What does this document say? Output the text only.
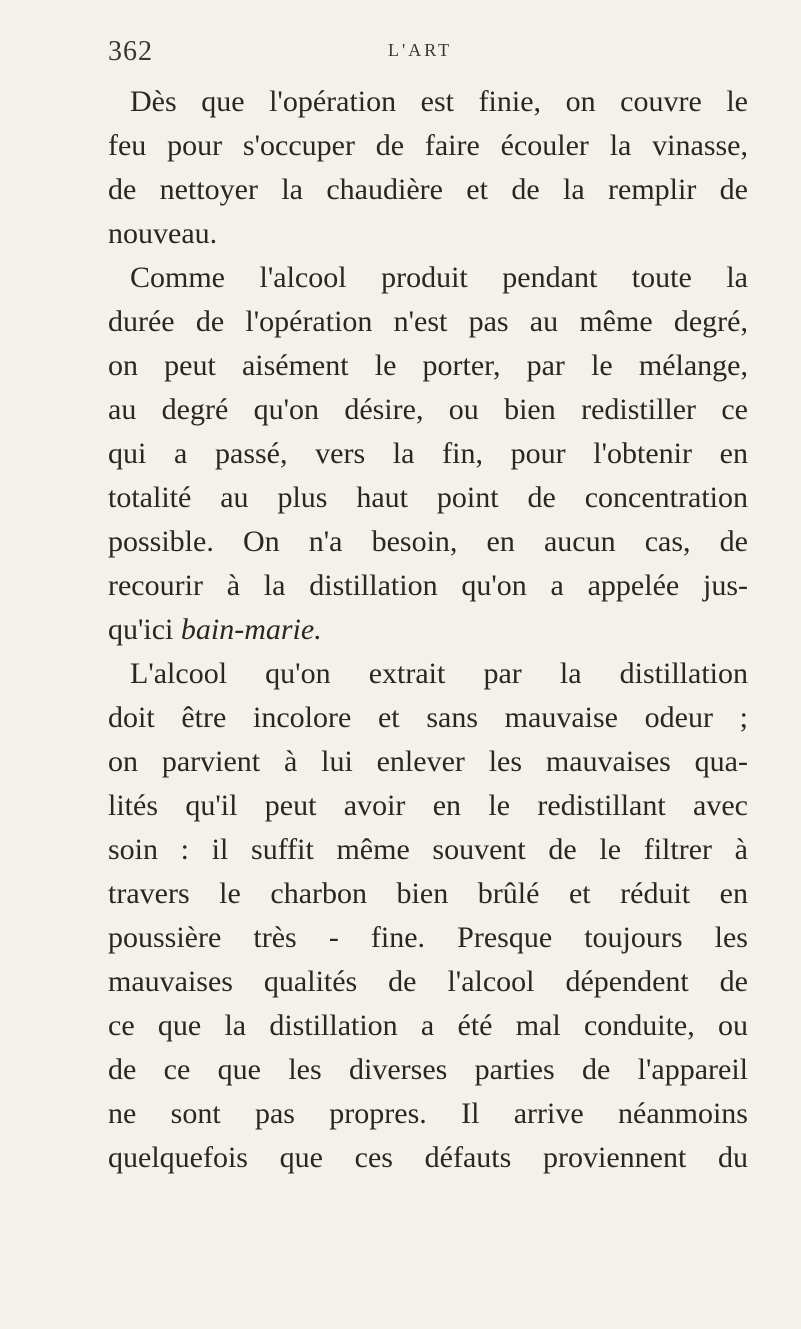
362	L'ART
Dès que l'opération est finie, on couvre le
feu pour s'occuper de faire écouler la vinasse,
de nettoyer la chaudière et de la remplir de
nouveau.
Comme l'alcool produit pendant toute la
durée de l'opération n'est pas au même degré,
on peut aisément le porter, par le mélange,
au degré qu'on désire, ou bien redistiller ce
qui a passé, vers la fin, pour l'obtenir en
totalité au plus haut point de concentration
possible. On n'a besoin, en aucun cas, de
recourir à la distillation qu'on a appelée jus-
qu'ici bain-marie.
L'alcool qu'on extrait par la distillation
doit être incolore et sans mauvaise odeur ;
on parvient à lui enlever les mauvaises qua-
lités qu'il peut avoir en le redistillant avec
soin : il suffit même souvent de le filtrer à
travers le charbon bien brûlé et réduit en
poussière très - fine. Presque toujours les
mauvaises qualités de l'alcool dépendent de
ce que la distillation a été mal conduite, ou
de ce que les diverses parties de l'appareil
ne sont pas propres. Il arrive néanmoins
quelquefois que ces défauts proviennent du
